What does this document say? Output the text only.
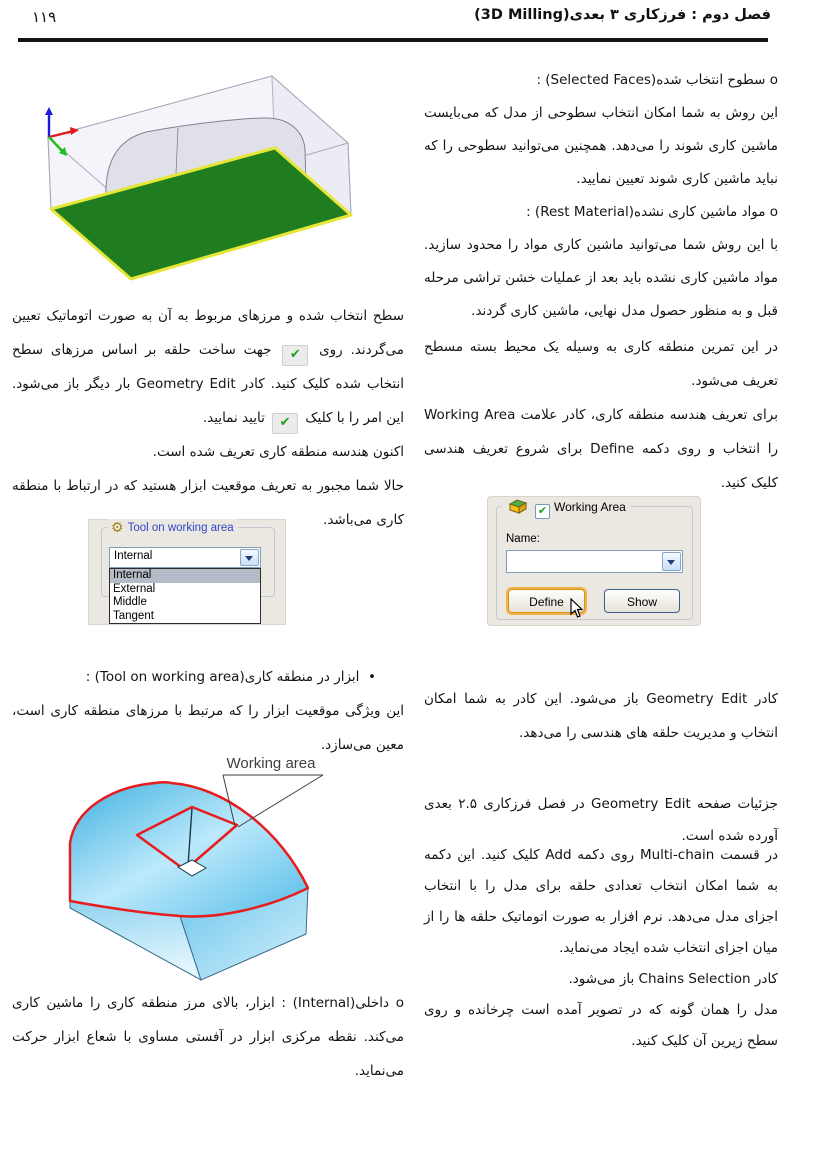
۱۱۹	فصل دوم : فرزکاری ۳ بعدی(3D Milling)

سطح انتخاب شده و مرزهای مربوط به آن به صورت اتوماتیک تعیین می‌گردند. روی ✔ جهت ساخت حلقه بر اساس مرزهای سطح انتخاب شده کلیک کنید. کادر Geometry Edit بار دیگر باز می‌شود. این امر را با کلیک ✔ تایید نمایید.

اکنون هندسه منطقه کاری تعریف شده است.

حالا شما مجبور به تعریف موقعیت ابزار هستید که در ارتباط با منطقه کاری می‌باشد.

⚙ Tool on working area
Internal
Internal
External
Middle
Tangent

•  ابزار در منطقه کاری(Tool on working area) :

این ویژگی موقعیت ابزار را که مرتبط با مرزهای منطقه کاری است، معین می‌سازد.

Working area

o داخلی(Internal) : ابزار، بالای مرز منطقه کاری را ماشین کاری می‌کند. نقطه مرکزی ابزار در آفستی مساوی با شعاع ابزار حرکت می‌نماید.

o سطوح انتخاب شده(Selected Faces) :

این روش به شما امکان انتخاب سطوحی از مدل که می‌بایست ماشین کاری شوند را می‌دهد. همچنین می‌توانید سطوحی را که نباید ماشین کاری شوند تعیین نمایید.

o مواد ماشین کاری نشده(Rest Material) :

با این روش شما می‌توانید ماشین کاری مواد را محدود سازید. مواد ماشین کاری نشده باید بعد از عملیات خشن تراشی مرحله قبل و به منظور حصول مدل نهایی، ماشین کاری گردند.

در این تمرین منطقه کاری به وسیله یک محیط بسته مسطح تعریف می‌شود.

برای تعریف هندسه منطقه کاری، کادر علامت Working Area را انتخاب و روی دکمه Define برای شروع تعریف هندسی کلیک کنید.

✔ Working Area
Name:
Define	Show

کادر Geometry Edit باز می‌شود. این کادر به شما امکان انتخاب و مدیریت حلقه های هندسی را می‌دهد.

جزئیات صفحه Geometry Edit در فصل فرزکاری ۲.۵ بعدی آورده شده است.

در قسمت Multi-chain روی دکمه Add کلیک کنید. این دکمه به شما امکان انتخاب تعدادی حلقه برای مدل را با انتخاب اجزای مدل می‌دهد. نرم افزار به صورت اتوماتیک حلقه ها را از میان اجزای انتخاب شده ایجاد می‌نماید.

کادر Chains Selection باز می‌شود.

مدل را همان گونه که در تصویر آمده است چرخانده و روی سطح زیرین آن کلیک کنید.
